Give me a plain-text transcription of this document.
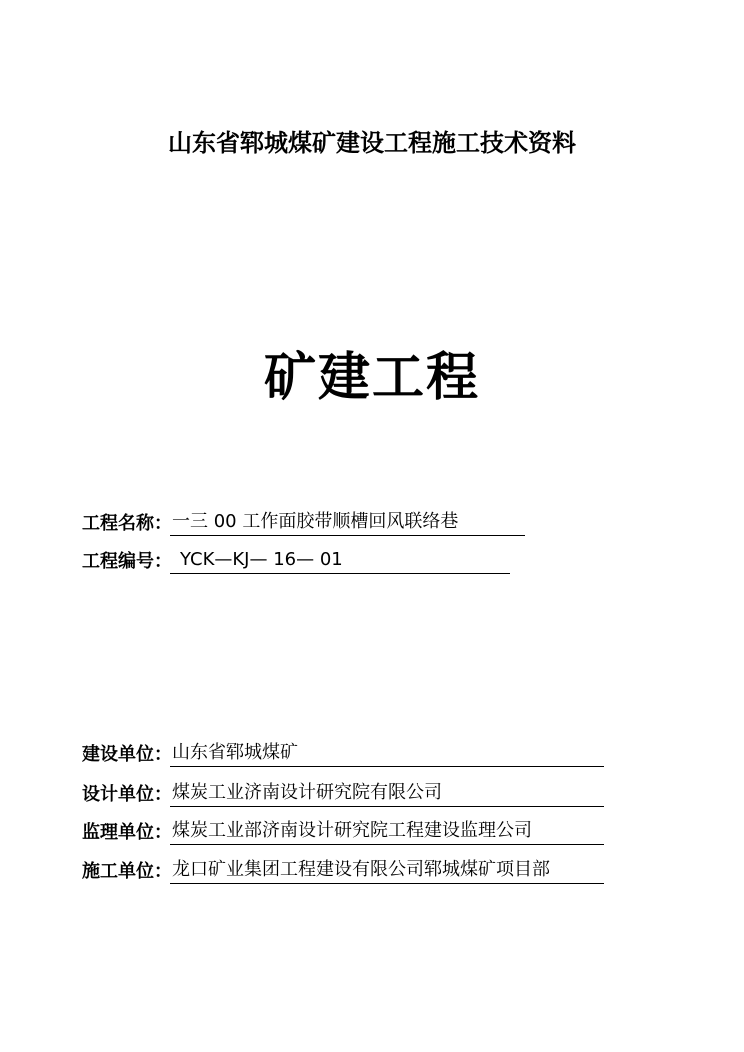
山东省郓城煤矿建设工程施工技术资料
矿建工程
工程名称 ： 一三 00 工作面胶带顺槽回风联络巷
工程编号 ： YCK—KJ— 16— 01
建设单位 ： 山东省郓城煤矿
设计单位 ： 煤炭工业济南设计研究院有限公司
监理单位 ： 煤炭工业部济南设计研究院工程建设监理公司
施工单位 ： 龙口矿业集团工程建设有限公司郓城煤矿项目部
